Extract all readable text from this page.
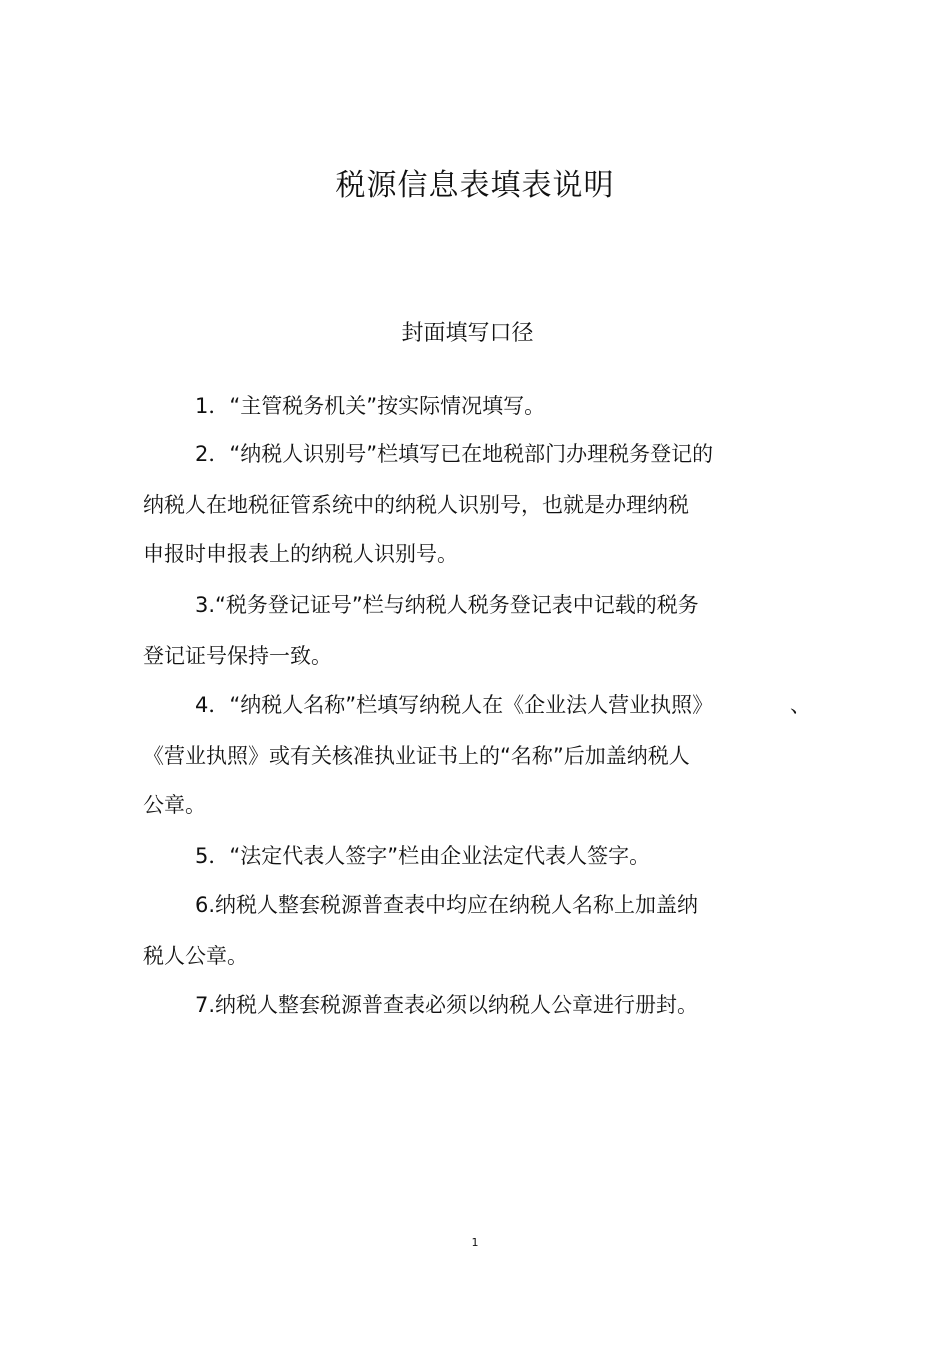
税源信息表填表说明
封面填写口径
1．“主管税务机关”按实际情况填写。
2．“纳税人识别号”栏填写已在地税部门办理税务登记的
纳税人在地税征管系统中的纳税人识别号，也就是办理纳税
申报时申报表上的纳税人识别号。
3.“税务登记证号”栏与纳税人税务登记表中记载的税务
登记证号保持一致。
4．“纳税人名称”栏填写纳税人在《企业法人营业执照》	、
《营业执照》或有关核准执业证书上的“名称”后加盖纳税人
公章。
5．“法定代表人签字”栏由企业法定代表人签字。
6.纳税人整套税源普查表中均应在纳税人名称上加盖纳
税人公章。
7.纳税人整套税源普查表必须以纳税人公章进行册封。
1
